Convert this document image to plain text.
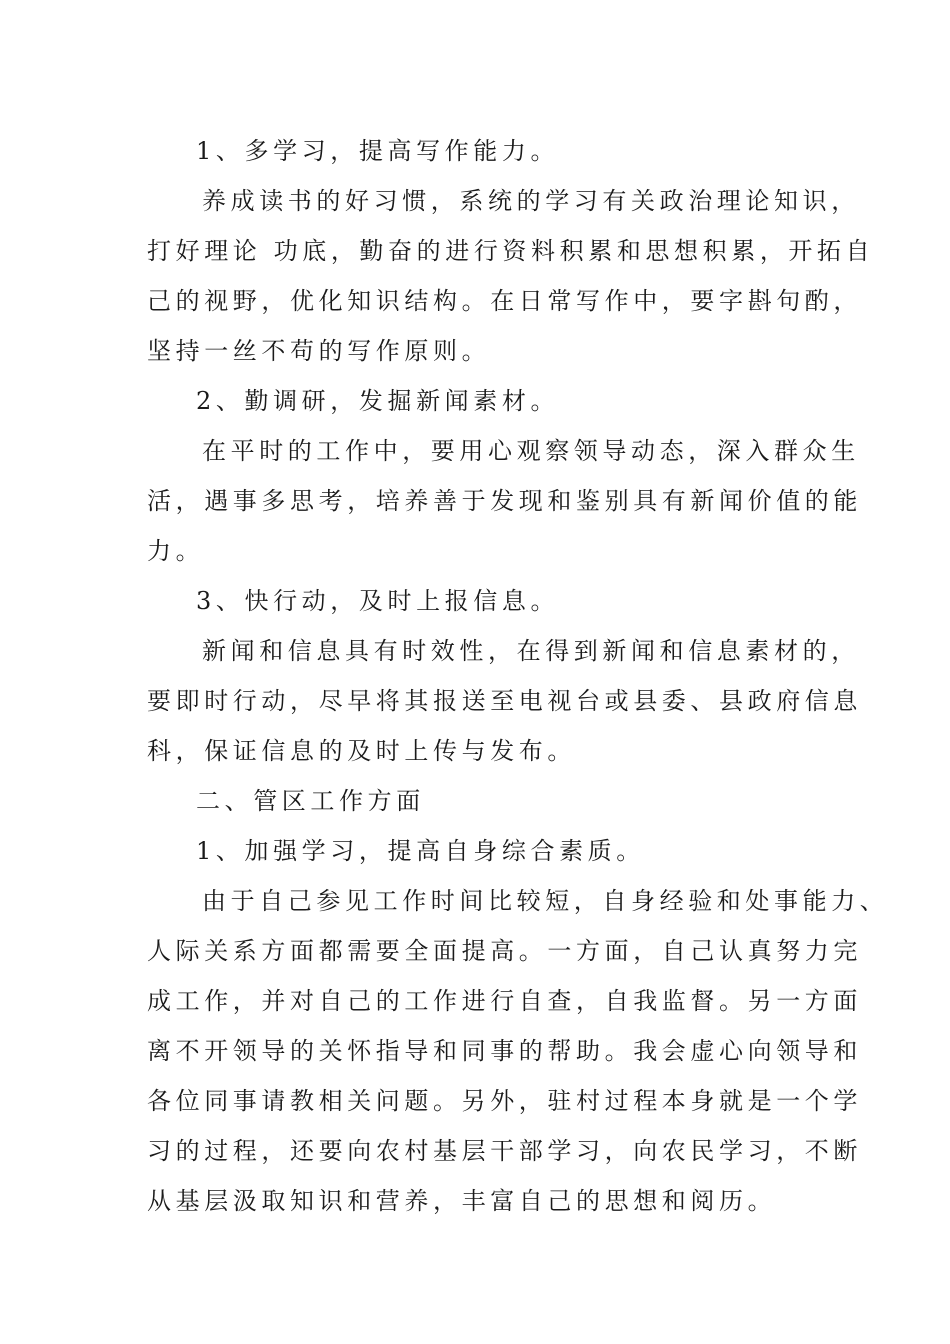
1、多学习，提高写作能力。

养成读书的好习惯，系统的学习有关政治理论知识，

打好理论 功底，勤奋的进行资料积累和思想积累，开拓自

己的视野，优化知识结构。在日常写作中，要字斟句酌，

坚持一丝不苟的写作原则。

2、勤调研，发掘新闻素材。

在平时的工作中，要用心观察领导动态，深入群众生

活，遇事多思考，培养善于发现和鉴别具有新闻价值的能

力。

3、快行动，及时上报信息。

新闻和信息具有时效性，在得到新闻和信息素材的，

要即时行动，尽早将其报送至电视台或县委、县政府信息

科，保证信息的及时上传与发布。

二、管区工作方面

1、加强学习，提高自身综合素质。

由于自己参见工作时间比较短，自身经验和处事能力、

人际关系方面都需要全面提高。一方面，自己认真努力完

成工作，并对自己的工作进行自查，自我监督。另一方面

离不开领导的关怀指导和同事的帮助。我会虚心向领导和

各位同事请教相关问题。另外，驻村过程本身就是一个学

习的过程，还要向农村基层干部学习，向农民学习，不断

从基层汲取知识和营养，丰富自己的思想和阅历。
